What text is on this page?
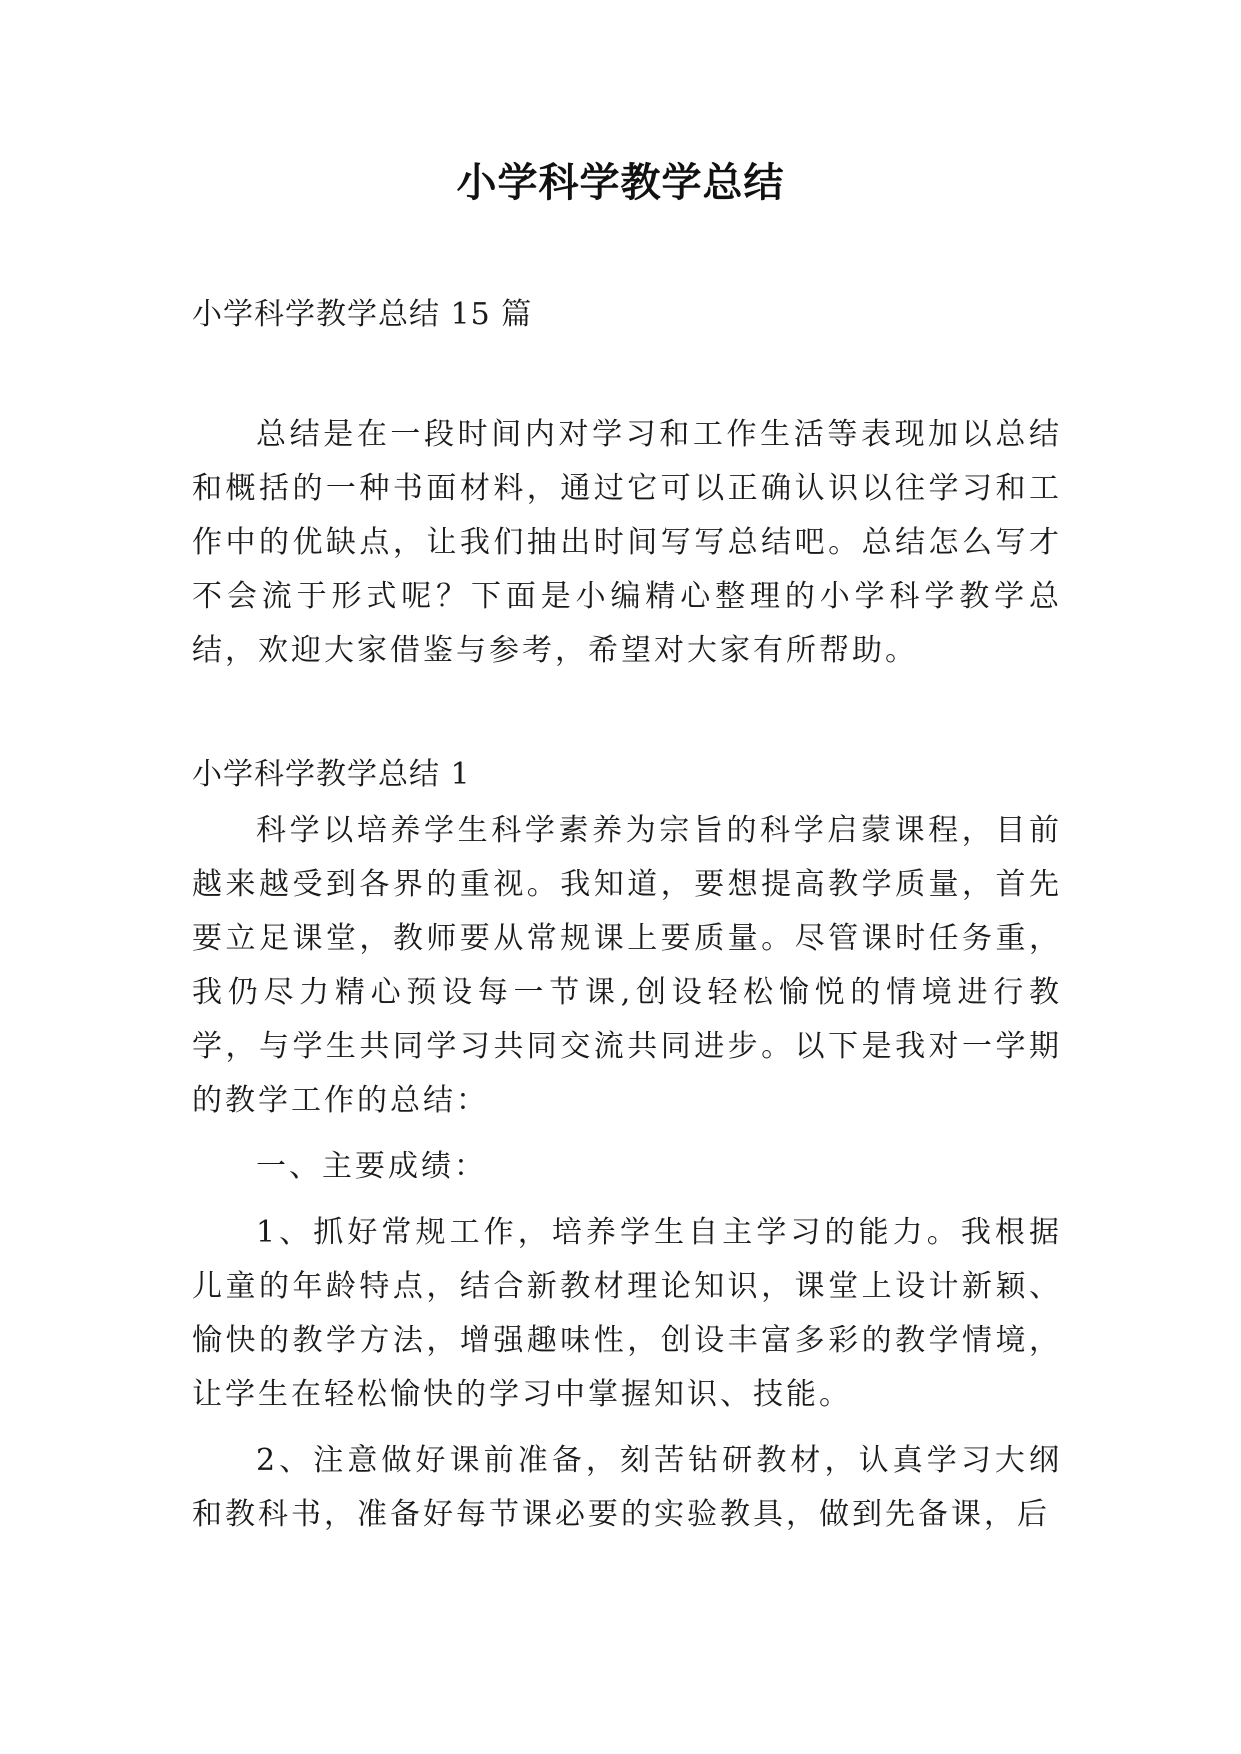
小学科学教学总结
小学科学教学总结 15 篇

总结是在一段时间内对学习和工作生活等表现加以总结和概括的一种书面材料，通过它可以正确认识以往学习和工作中的优缺点，让我们抽出时间写写总结吧。总结怎么写才不会流于形式呢？下面是小编精心整理的小学科学教学总结，欢迎大家借鉴与参考，希望对大家有所帮助。

小学科学教学总结 1

科学以培养学生科学素养为宗旨的科学启蒙课程，目前越来越受到各界的重视。我知道，要想提高教学质量，首先要立足课堂，教师要从常规课上要质量。尽管课时任务重，我仍尽力精心预设每一节课,创设轻松愉悦的情境进行教学，与学生共同学习共同交流共同进步。以下是我对一学期的教学工作的总结：

一、主要成绩：

1、抓好常规工作，培养学生自主学习的能力。我根据儿童的年龄特点，结合新教材理论知识，课堂上设计新颖、愉快的教学方法，增强趣味性，创设丰富多彩的教学情境，让学生在轻松愉快的学习中掌握知识、技能。

2、注意做好课前准备，刻苦钻研教材，认真学习大纲和教科书，准备好每节课必要的实验教具，做到先备课，后
